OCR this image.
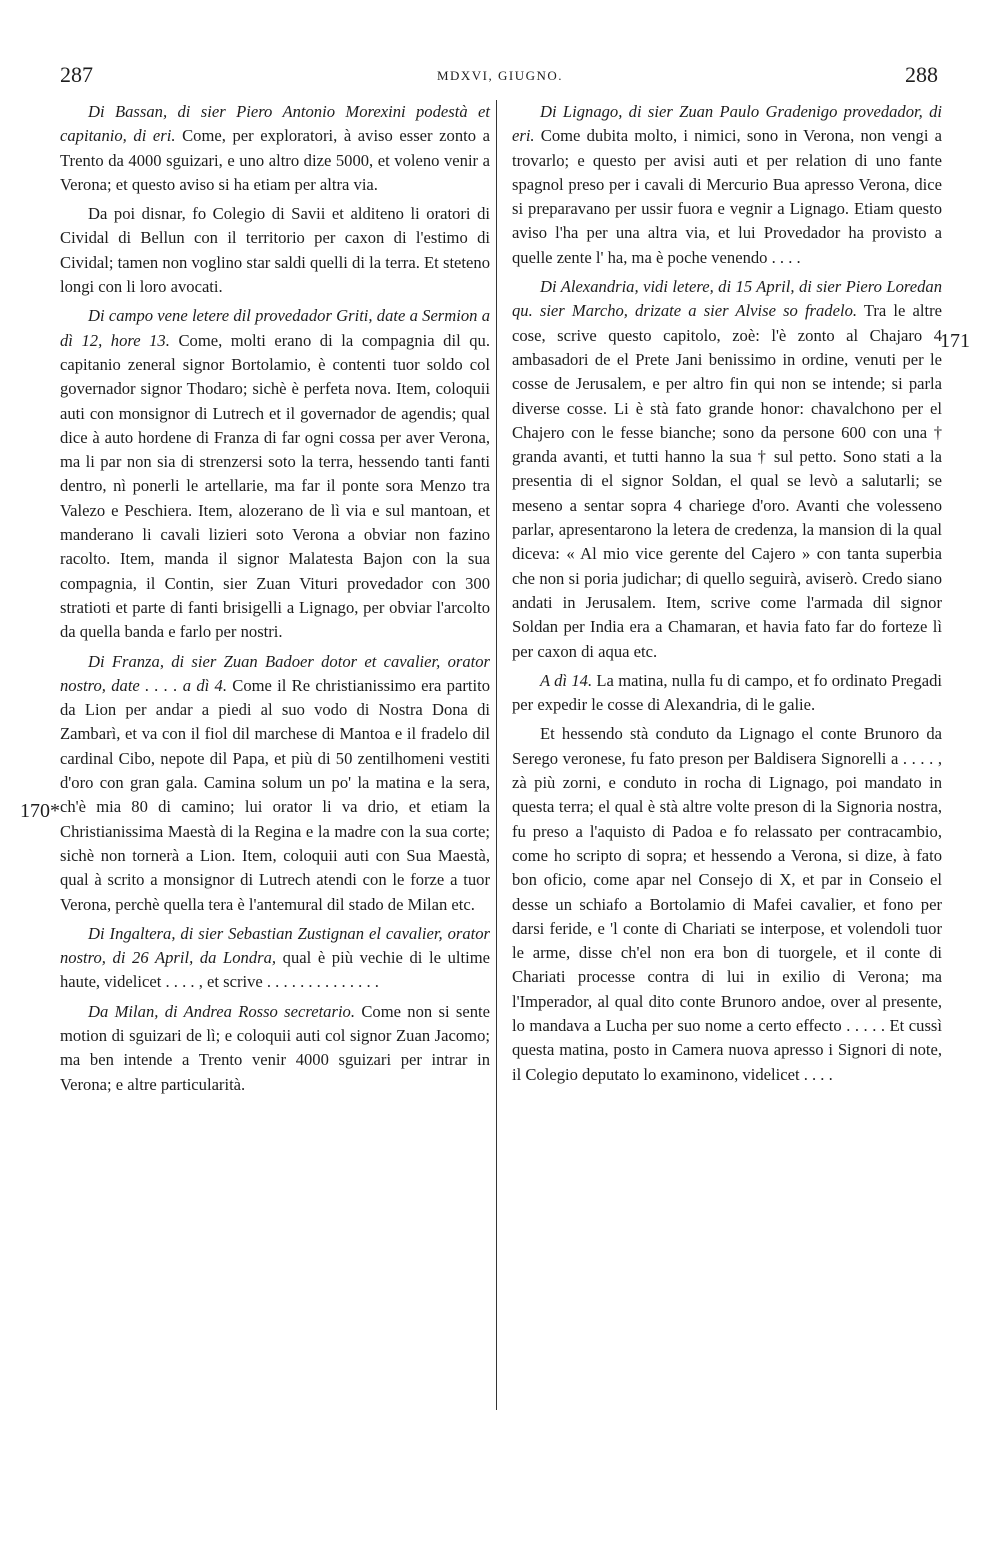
287	MDXVI, GIUGNO.	288
170*
171

Di Bassan, di sier Piero Antonio Morexini podestà et capitanio, di eri. Come, per exploratori, à aviso esser zonto a Trento da 4000 sguizari, e uno altro dize 5000, et voleno venir a Verona; et questo aviso si ha etiam per altra via.

Da poi disnar, fo Colegio di Savii et alditeno li oratori di Cividal di Bellun con il territorio per caxon di l'estimo di Cividal; tamen non voglino star saldi quelli di la terra. Et steteno longi con li loro avocati.

Di campo vene letere dil provedador Griti, date a Sermion a dì 12, hore 13. Come, molti erano di la compagnia dil qu. capitanio zeneral signor Bortolamio, è contenti tuor soldo col governador signor Thodaro; sichè è perfeta nova. Item, coloquii auti con monsignor di Lutrech et il governador de agendis; qual dice à auto hordene di Franza di far ogni cossa per aver Verona, ma li par non sia di strenzersi soto la terra, hessendo tanti fanti dentro, nì ponerli le artellarie, ma far il ponte sora Menzo tra Valezo e Peschiera. Item, alozerano de lì via e sul mantoan, et manderano li cavali lizieri soto Verona a obviar non fazino racolto. Item, manda il signor Malatesta Bajon con la sua compagnia, il Contin, sier Zuan Vituri provedador con 300 stratioti et parte di fanti brisigelli a Lignago, per obviar l'arcolto da quella banda e farlo per nostri.

Di Franza, di sier Zuan Badoer dotor et cavalier, orator nostro, date . . . . a dì 4. Come il Re christianissimo era partito da Lion per andar a piedi al suo vodo di Nostra Dona di Zambarì, et va con il fiol dil marchese di Mantoa e il fradelo dil cardinal Cibo, nepote dil Papa, et più di 50 zentilhomeni vestiti d'oro con gran gala. Camina solum un po' la matina e la sera, ch'è mia 80 di camino; lui orator li va drio, et etiam la Christianissima Maestà di la Regina e la madre con la sua corte; sichè non tornerà a Lion. Item, coloquii auti con Sua Maestà, qual à scrito a monsignor di Lutrech atendi con le forze a tuor Verona, perchè quella tera è l'antemural dil stado de Milan etc.

Di Ingaltera, di sier Sebastian Zustignan el cavalier, orator nostro, di 26 April, da Londra, qual è più vechie di le ultime haute, videlicet . . . . , et scrive . . . . . . . . . . . . . .

Da Milan, di Andrea Rosso secretario. Come non si sente motion di sguizari de lì; e coloquii auti col signor Zuan Jacomo; ma ben intende a Trento venir 4000 sguizari per intrar in Verona; e altre particularità.

Di Lignago, di sier Zuan Paulo Gradenigo provedador, di eri. Come dubita molto, i nimici, sono in Verona, non vengi a trovarlo; e questo per avisi auti et per relation di uno fante spagnol preso per i cavali di Mercurio Bua apresso Verona, dice si preparavano per ussir fuora e vegnir a Lignago. Etiam questo aviso l'ha per una altra via, et lui Provedador ha provisto a quelle zente l' ha, ma è poche venendo . . . .

Di Alexandria, vidi letere, di 15 April, di sier Piero Loredan qu. sier Marcho, drizate a sier Alvise so fradelo. Tra le altre cose, scrive questo capitolo, zoè: l'è zonto al Chajaro 4 ambasadori de el Prete Jani benissimo in ordine, venuti per le cosse de Jerusalem, e per altro fin qui non se intende; si parla diverse cosse. Li è stà fato grande honor: chavalchono per el Chajero con le fesse bianche; sono da persone 600 con una † granda avanti, et tutti hanno la sua † sul petto. Sono stati a la presentia di el signor Soldan, el qual se levò a salutarli; se meseno a sentar sopra 4 chariege d'oro. Avanti che volesseno parlar, apresentarono la letera de credenza, la mansion di la qual diceva: « Al mio vice gerente del Cajero » con tanta superbia che non si poria judichar; di quello seguirà, aviserò. Credo siano andati in Jerusalem. Item, scrive come l'armada dil signor Soldan per India era a Chamaran, et havia fato far do forteze lì per caxon di aqua etc.

A dì 14. La matina, nulla fu di campo, et fo ordinato Pregadi per expedir le cosse di Alexandria, di le galie.

Et hessendo stà conduto da Lignago el conte Brunoro da Serego veronese, fu fato preson per Baldisera Signorelli a . . . . , zà più zorni, e conduto in rocha di Lignago, poi mandato in questa terra; el qual è stà altre volte preson di la Signoria nostra, fu preso a l'aquisto di Padoa e fo relassato per contracambio, come ho scripto di sopra; et hessendo a Verona, si dize, à fato bon oficio, come apar nel Consejo di X, et par in Conseio el desse un schiafo a Bortolamio di Mafei cavalier, et fono per darsi feride, e 'l conte di Chariati se interpose, et volendoli tuor le arme, disse ch'el non era bon di tuorgele, et il conte di Chariati processe contra di lui in exilio di Verona; ma l'Imperador, al qual dito conte Brunoro andoe, over al presente, lo mandava a Lucha per suo nome a certo effecto . . . . . Et cussì questa matina, posto in Camera nuova apresso i Signori di note, il Colegio deputato lo examinono, videlicet . . . .
